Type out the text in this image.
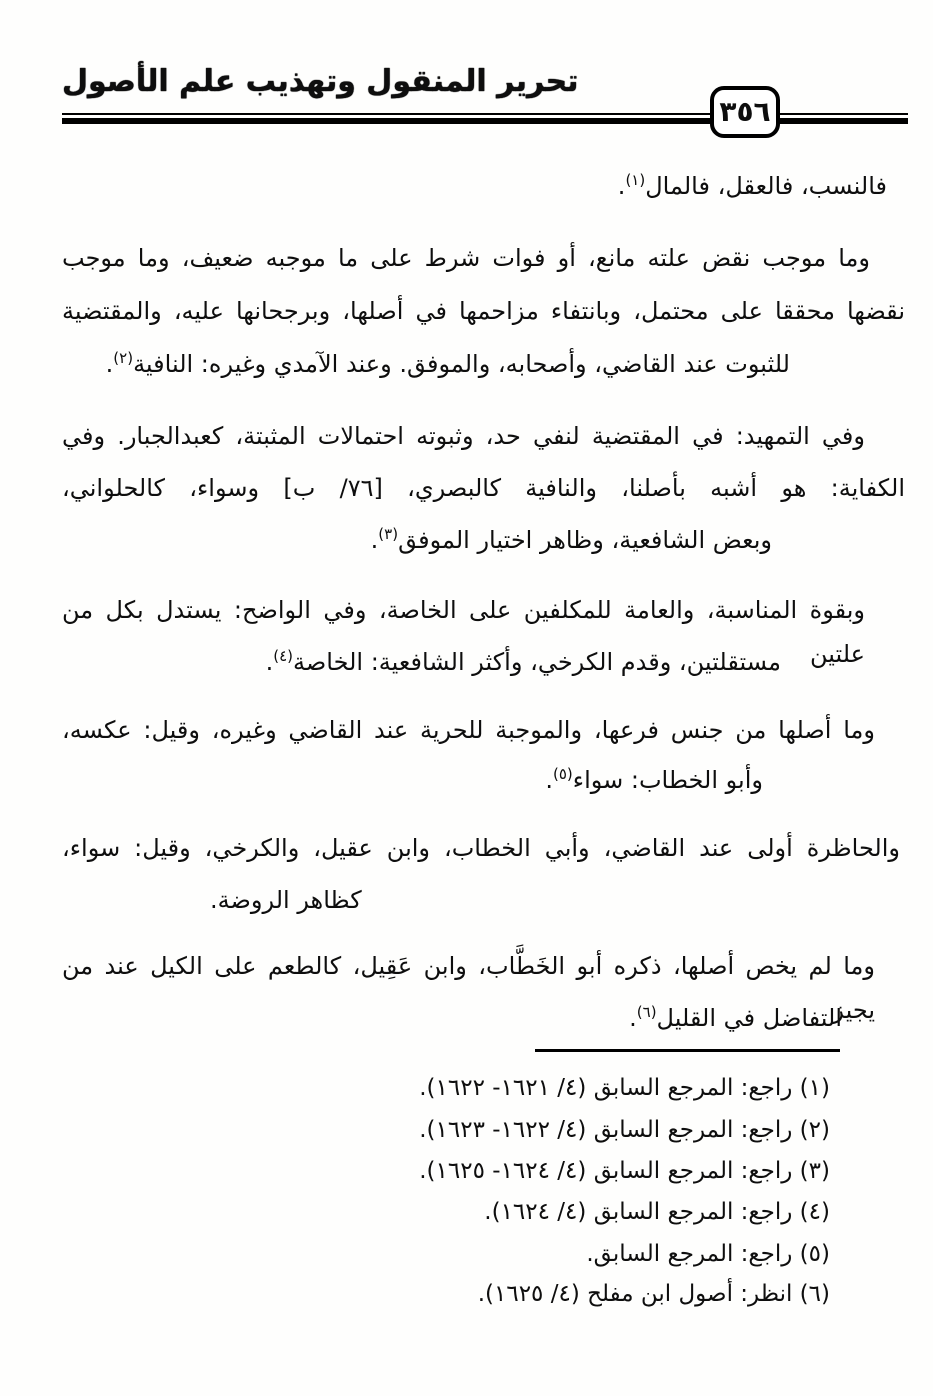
تحرير المنقول وتهذيب علم الأصول
٣٥٦
فالنسب، فالعقل، فالمال$^{(١)}$.
وما موجب نقض علته مانع، أو فوات شرط على ما موجبه ضعيف، وما موجب
نقضها محققا على محتمل، وبانتفاء مزاحمها في أصلها، وبرجحانها عليه، والمقتضية
للثبوت عند القاضي، وأصحابه، والموفق. وعند الآمدي وغيره: النافية$^{(٢)}$.
وفي التمهيد: في المقتضية لنفي حد، وثبوته احتمالات المثبتة، كعبدالجبار. وفي
الكفاية: هو أشبه بأصلنا، والنافية كالبصري، [٧٦/ ب] وسواء، كالحلواني،
وبعض الشافعية، وظاهر اختيار الموفق$^{(٣)}$.
وبقوة المناسبة، والعامة للمكلفين على الخاصة، وفي الواضح: يستدل بكل من علتين
مستقلتين، وقدم الكرخي، وأكثر الشافعية: الخاصة$^{(٤)}$.
وما أصلها من جنس فرعها، والموجبة للحرية عند القاضي وغيره، وقيل: عكسه،
وأبو الخطاب: سواء$^{(٥)}$.
والحاظرة أولى عند القاضي، وأبي الخطاب، وابن عقيل، والكرخي، وقيل: سواء،
كظاهر الروضة.
وما لم يخص أصلها، ذكره أبو الخَطَّاب، وابن عَقِيل، كالطعم على الكيل عند من يجيز
التفاضل في القليل$^{(٦)}$.
(١) راجع: المرجع السابق (٤/ ١٦٢١- ١٦٢٢).
(٢) راجع: المرجع السابق (٤/ ١٦٢٢- ١٦٢٣).
(٣) راجع: المرجع السابق (٤/ ١٦٢٤- ١٦٢٥).
(٤) راجع: المرجع السابق (٤/ ١٦٢٤).
(٥) راجع: المرجع السابق.
(٦) انظر: أصول ابن مفلح (٤/ ١٦٢٥).
